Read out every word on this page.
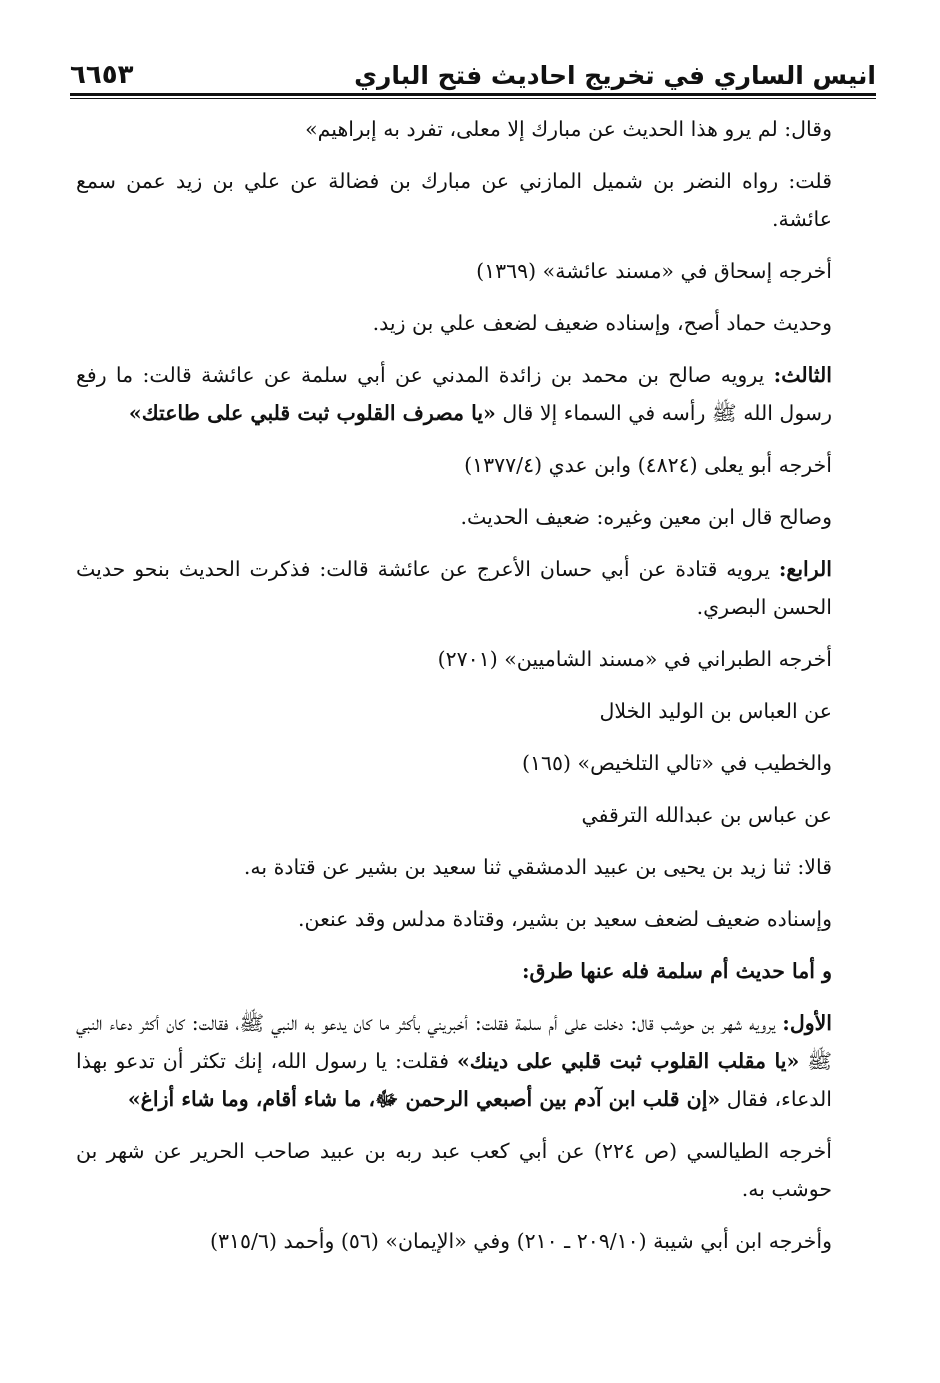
انيس الساري في تخريج احاديث فتح الباري
٦٦٥٣

وقال: لم يرو هذا الحديث عن مبارك إلا معلى، تفرد به إبراهيم»

قلت: رواه النضر بن شميل المازني عن مبارك بن فضالة عن علي بن زيد عمن سمع عائشة.

أخرجه إسحاق في «مسند عائشة» (١٣٦٩)

وحديث حماد أصح، وإسناده ضعيف لضعف علي بن زيد.

الثالث: يرويه صالح بن محمد بن زائدة المدني عن أبي سلمة عن عائشة قالت: ما رفع رسول الله ﷺ رأسه في السماء إلا قال «يا مصرف القلوب ثبت قلبي على طاعتك»

أخرجه أبو يعلى (٤٨٢٤) وابن عدي (١٣٧٧/٤)

وصالح قال ابن معين وغيره: ضعيف الحديث.

الرابع: يرويه قتادة عن أبي حسان الأعرج عن عائشة قالت: فذكرت الحديث بنحو حديث الحسن البصري.

أخرجه الطبراني في «مسند الشاميين» (٢٧٠١)

عن العباس بن الوليد الخلال

والخطيب في «تالي التلخيص» (١٦٥)

عن عباس بن عبدالله الترقفي

قالا: ثنا زيد بن يحيى بن عبيد الدمشقي ثنا سعيد بن بشير عن قتادة به.

وإسناده ضعيف لضعف سعيد بن بشير، وقتادة مدلس وقد عنعن.

و أما حديث أم سلمة فله عنها طرق:

الأول: يرويه شهر بن حوشب قال: دخلت على أم سلمة فقلت: أخبريني بأكثر ما كان يدعو به النبي ﷺ، فقالت: كان أكثر دعاء النبي ﷺ «يا مقلب القلوب ثبت قلبي على دينك» فقلت: يا رسول الله، إنك تكثر أن تدعو بهذا الدعاء، فقال «إن قلب ابن آدم بين أصبعي الرحمن ﷻ، ما شاء أقام، وما شاء أزاغ»

أخرجه الطيالسي (ص ٢٢٤) عن أبي كعب عبد ربه بن عبيد صاحب الحرير عن شهر بن حوشب به.

وأخرجه ابن أبي شيبة (٢٠٩/١٠ ـ ٢١٠) وفي «الإيمان» (٥٦) وأحمد (٣١٥/٦)
